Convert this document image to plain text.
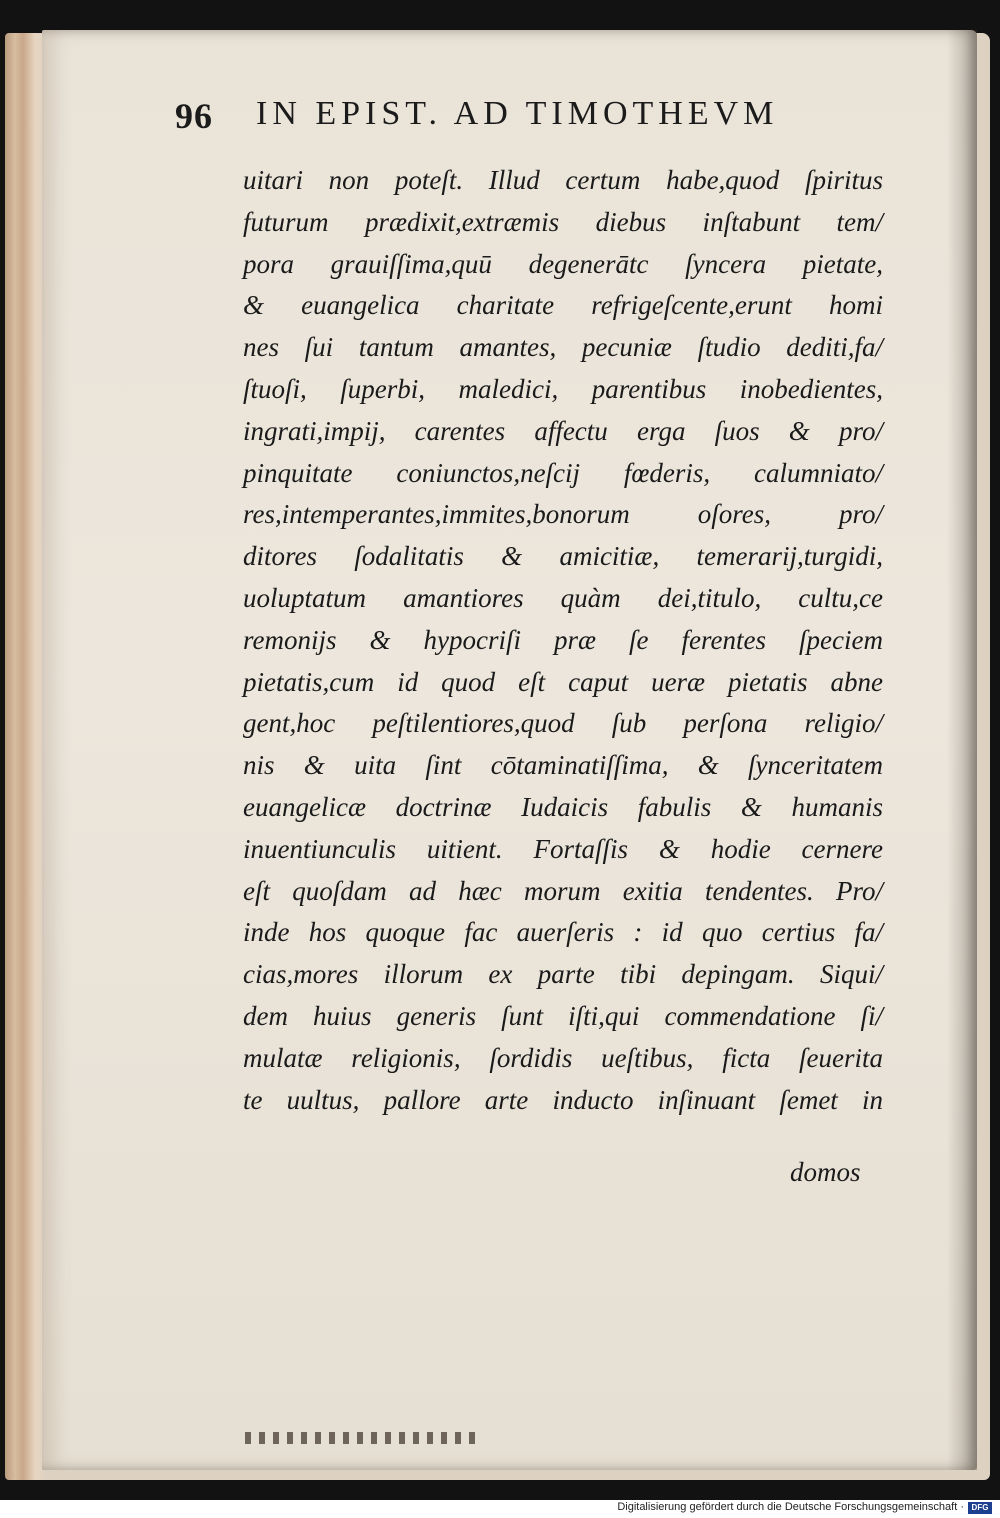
96 IN EPIST. AD TIMOTHEVM
uitari non poteſt. Illud certum habe,quod ſpiritus
futurum prædixit,extræmis diebus inſtabunt tem/
pora grauiſſima,quū degenerātc ſyncera pietate,
& euangelica charitate refrigeſcente,erunt homi
nes ſui tantum amantes, pecuniæ ſtudio dediti,fa/
ſtuoſi, ſuperbi, maledici, parentibus inobedientes,
ingrati,impij, carentes affectu erga ſuos & pro/
pinquitate coniunctos,neſcij fœderis, calumniato/
res,intemperantes,immites,bonorum oſores, pro/
ditores ſodalitatis & amicitiæ, temerarij,turgidi,
uoluptatum amantiores quàm dei,titulo, cultu,ce
remonijs & hypocriſi præ ſe ferentes ſpeciem
pietatis,cum id quod eſt caput ueræ pietatis abne
gent,hoc peſtilentiores,quod ſub perſona religio/
nis & uita ſint cōtaminatiſſima, & ſynceritatem
euangelicæ doctrinæ Iudaicis fabulis & humanis
inuentiunculis uitient. Fortaſſis & hodie cernere
eſt quoſdam ad hæc morum exitia tendentes. Pro/
inde hos quoque fac auerſeris : id quo certius fa/
cias,mores illorum ex parte tibi depingam. Siqui/
dem huius generis ſunt iſti,qui commendatione ſi/
mulatæ religionis, ſordidis ueſtibus, ficta ſeuerita
te uultus, pallore arte inducto inſinuant ſemet in
domos
Digitalisierung gefördert durch die Deutsche Forschungsgemeinschaft · DFG
